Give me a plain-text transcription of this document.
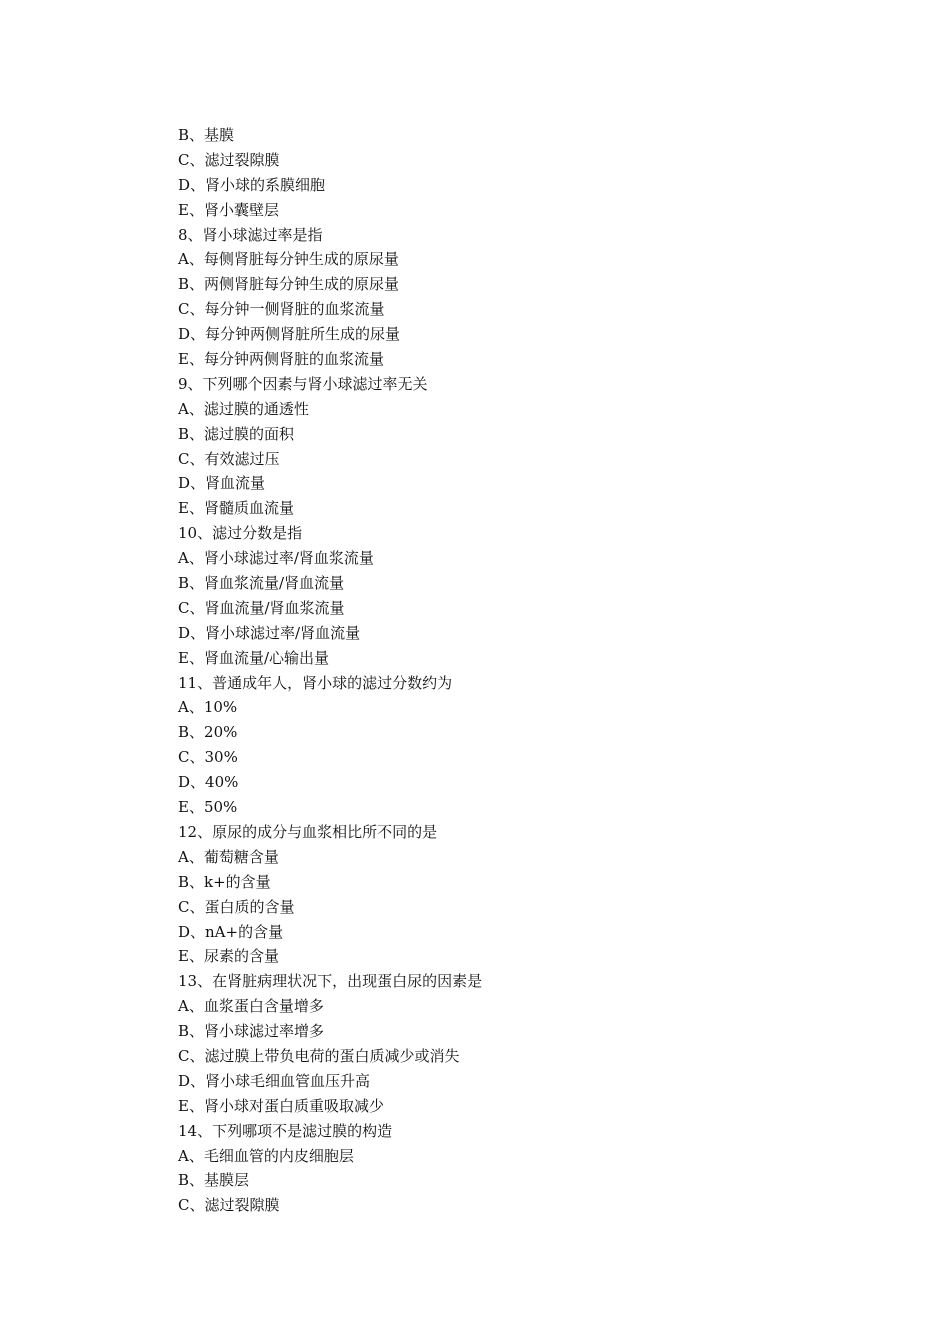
B、基膜
C、滤过裂隙膜
D、肾小球的系膜细胞
E、肾小囊壁层
8、肾小球滤过率是指
A、每侧肾脏每分钟生成的原尿量
B、两侧肾脏每分钟生成的原尿量
C、每分钟一侧肾脏的血浆流量
D、每分钟两侧肾脏所生成的尿量
E、每分钟两侧肾脏的血浆流量
9、下列哪个因素与肾小球滤过率无关
A、滤过膜的通透性
B、滤过膜的面积
C、有效滤过压
D、肾血流量
E、肾髓质血流量
10、滤过分数是指
A、肾小球滤过率/肾血浆流量
B、肾血浆流量/肾血流量
C、肾血流量/肾血浆流量
D、肾小球滤过率/肾血流量
E、肾血流量/心输出量
11、普通成年人，肾小球的滤过分数约为
A、10%
B、20%
C、30%
D、40%
E、50%
12、原尿的成分与血浆相比所不同的是
A、葡萄糖含量
B、k+的含量
C、蛋白质的含量
D、nA+的含量
E、尿素的含量
13、在肾脏病理状况下，出现蛋白尿的因素是
A、血浆蛋白含量增多
B、肾小球滤过率增多
C、滤过膜上带负电荷的蛋白质减少或消失
D、肾小球毛细血管血压升高
E、肾小球对蛋白质重吸取减少
14、下列哪项不是滤过膜的构造
A、毛细血管的内皮细胞层
B、基膜层
C、滤过裂隙膜
